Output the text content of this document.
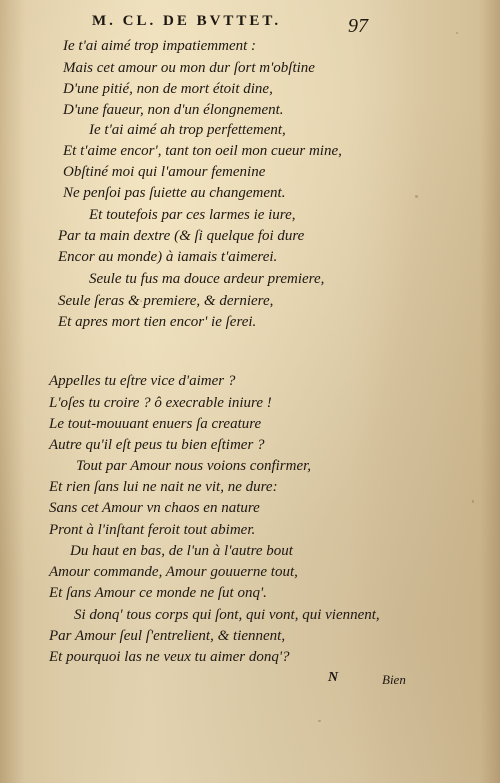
M. CL. DE BVTTET.	97
Ie t'ai aimé trop impatiemment :
Mais cet amour ou mon dur ſort m'obſtine
D'une pitié, non de mort étoit dine,
D'une faueur, non d'un élongnement.
Ie t'ai aimé ah trop perfettement,
Et t'aime encor', tant ton oeil mon cueur mine,
Obſtiné moi qui l'amour femenine
Ne penſoi pas ſuiette au changement.
Et toutefois par ces larmes ie iure,
Par ta main dextre (& ſi quelque foi dure
Encor au monde) à iamais t'aimerei.
Seule tu fus ma douce ardeur premiere,
Seule ſeras & premiere, & derniere,
Et apres mort tien encor' ie ſerei.
Appelles tu eſtre vice d'aimer ?
L'oſes tu croire ? ô execrable iniure !
Le tout-mouuant enuers ſa creature
Autre qu'il eſt peus tu bien eſtimer ?
Tout par Amour nous voions confirmer,
Et rien ſans lui ne nait ne vit, ne dure:
Sans cet Amour vn chaos en nature
Pront à l'inſtant feroit tout abimer.
Du haut en bas, de l'un à l'autre bout
Amour commande, Amour gouuerne tout,
Et ſans Amour ce monde ne ſut onq'.
Si donq' tous corps qui ſont, qui vont, qui viennent,
Par Amour ſeul ſ'entrelient, & tiennent,
Et pourquoi las ne veux tu aimer donq'?
N	Bien
